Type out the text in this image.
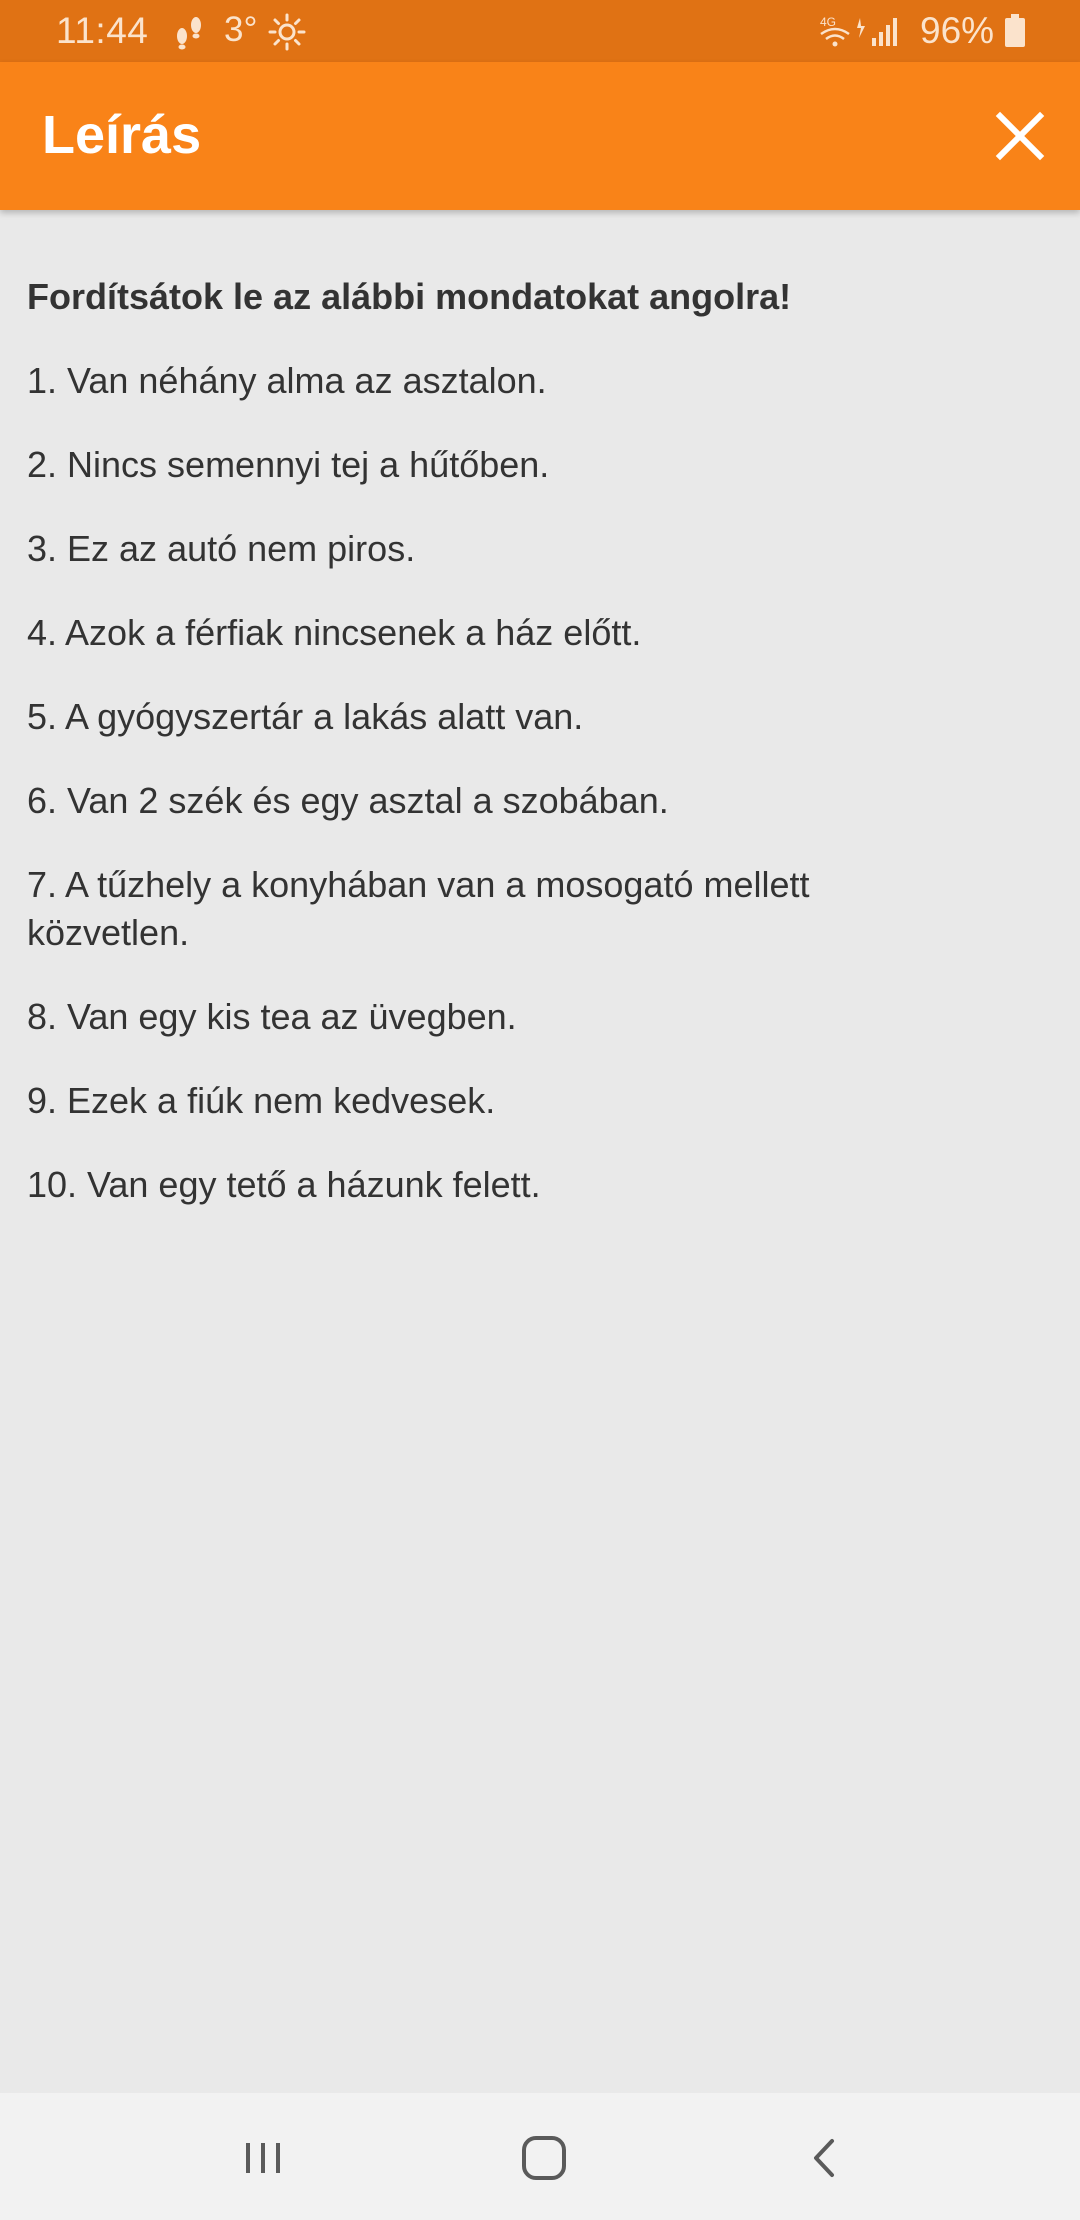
11:44 3°	4G 96%
Leírás

Fordítsátok le az alábbi mondatokat angolra!

1. Van néhány alma az asztalon.

2. Nincs semennyi tej a hűtőben.

3. Ez az autó nem piros.

4. Azok a férfiak nincsenek a ház előtt.

5. A gyógyszertár a lakás alatt van.

6. Van 2 szék és egy asztal a szobában.

7. A tűzhely a konyhában van a mosogató mellett közvetlen.

8. Van egy kis tea az üvegben.

9. Ezek a fiúk nem kedvesek.

10. Van egy tető a házunk felett.
